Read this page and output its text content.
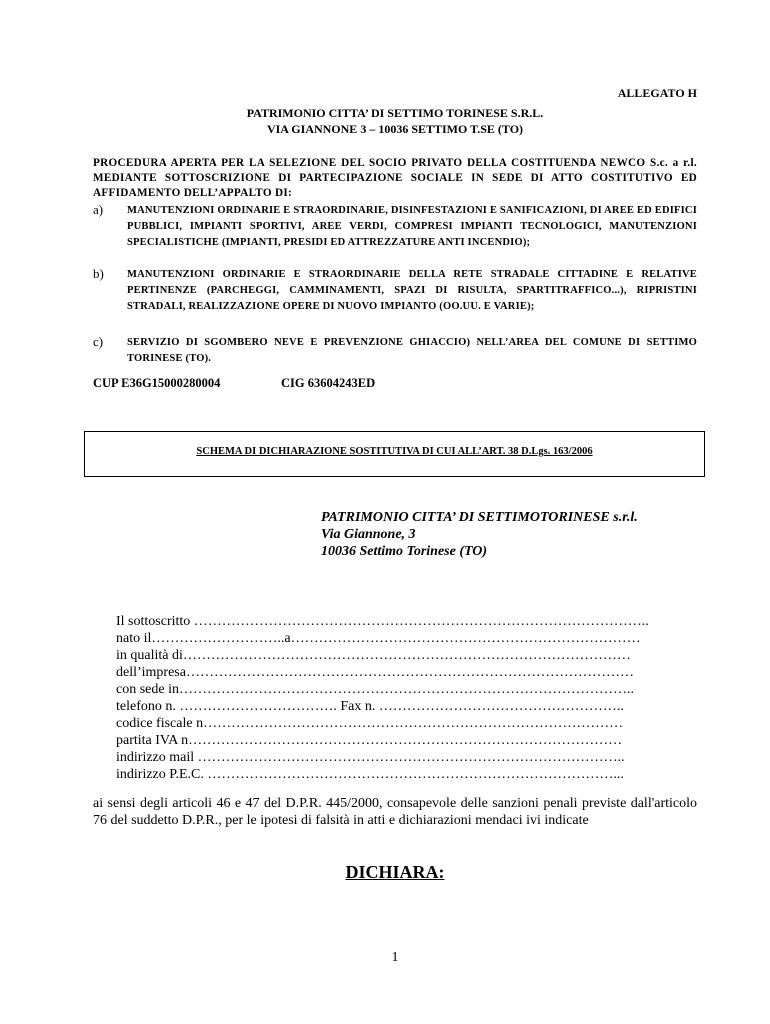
ALLEGATO H
PATRIMONIO CITTA’ DI SETTIMO TORINESE S.R.L.
VIA GIANNONE 3 – 10036 SETTIMO T.SE (TO)
PROCEDURA APERTA PER LA SELEZIONE DEL SOCIO PRIVATO DELLA COSTITUENDA NEWCO S.c. a r.l. MEDIANTE SOTTOSCRIZIONE DI PARTECIPAZIONE SOCIALE IN SEDE DI ATTO COSTITUTIVO ED AFFIDAMENTO DELL’APPALTO DI:
a) MANUTENZIONI ORDINARIE E STRAORDINARIE, DISINFESTAZIONI E SANIFICAZIONI, DI AREE ED EDIFICI PUBBLICI, IMPIANTI SPORTIVI, AREE VERDI, COMPRESI IMPIANTI TECNOLOGICI, MANUTENZIONI SPECIALISTICHE (IMPIANTI, PRESIDI ED ATTREZZATURE ANTI INCENDIO);
b) MANUTENZIONI ORDINARIE E STRAORDINARIE DELLA RETE STRADALE CITTADINE E RELATIVE PERTINENZE (PARCHEGGI, CAMMINAMENTI, SPAZI DI RISULTA, SPARTITRAFFICO...), RIPRISTINI STRADALI, REALIZZAZIONE OPERE DI NUOVO IMPIANTO (OO.UU. E VARIE);
c) SERVIZIO DI SGOMBERO NEVE E PREVENZIONE GHIACCIO) NELL’AREA DEL COMUNE DI SETTIMO TORINESE (TO).
CUP E36G15000280004	CIG 63604243ED
SCHEMA DI DICHIARAZIONE SOSTITUTIVA DI CUI ALL’ART. 38 D.Lgs. 163/2006
PATRIMONIO CITTA’ DI SETTIMOTORINESE s.r.l.
Via Giannone, 3
10036 Settimo Torinese (TO)
Il sottoscritto ……………………………………………………………………………………..
nato il………………………..a…………………………………………………………………
in qualità di……………………………………………………………………………………
dell’impresa……………………………………………………………………………………
con sede in……………………………………………………………………………………..
telefono n. ……………………………. Fax n. ……………………………………………..
codice fiscale n………………………………………………………………………………
partita IVA n…………………………………………………………………………………
indirizzo mail ………………………………………………………………………………..
indirizzo P.E.C. ……………………………………………………………………………...
ai sensi degli articoli 46 e 47 del D.P.R. 445/2000, consapevole delle sanzioni penali previste dall'articolo 76 del suddetto D.P.R., per le ipotesi di falsità in atti e dichiarazioni mendaci ivi indicate
DICHIARA:
1
